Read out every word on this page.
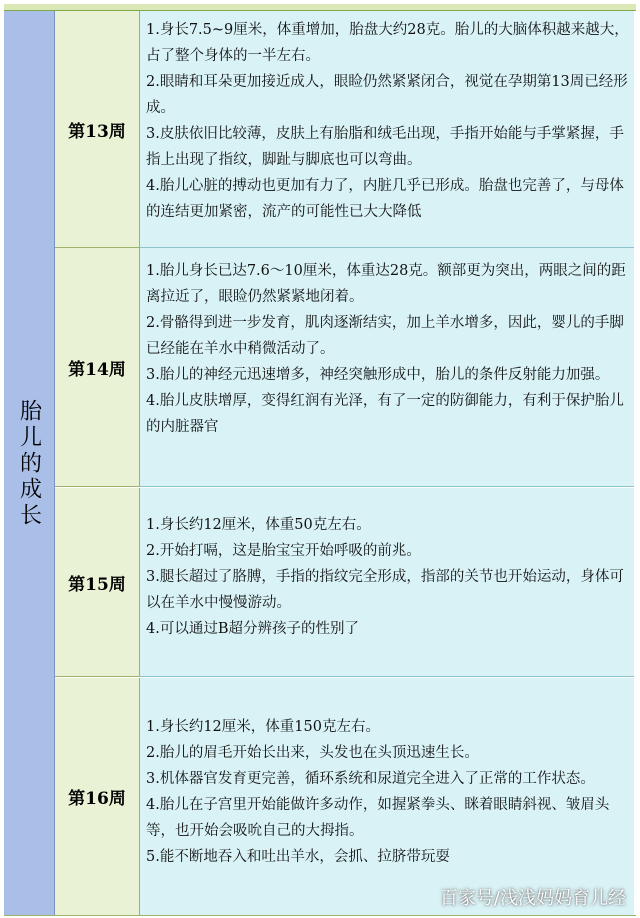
胎儿的成长
第13周
1.身长7.5~9厘米，体重增加，胎盘大约28克。胎儿的大脑体积越来越大，占了整个身体的一半左右。
2.眼睛和耳朵更加接近成人，眼睑仍然紧紧闭合，视觉在孕期第13周已经形成。
3.皮肤依旧比较薄，皮肤上有胎脂和绒毛出现，手指开始能与手掌紧握，手指上出现了指纹，脚趾与脚底也可以弯曲。
4.胎儿心脏的搏动也更加有力了，内脏几乎已形成。胎盘也完善了，与母体的连结更加紧密，流产的可能性已大大降低
第14周
1.胎儿身长已达7.6～10厘米，体重达28克。额部更为突出，两眼之间的距离拉近了，眼睑仍然紧紧地闭着。
2.骨骼得到进一步发育，肌肉逐渐结实，加上羊水增多，因此，婴儿的手脚已经能在羊水中稍微活动了。
3.胎儿的神经元迅速增多，神经突触形成中，胎儿的条件反射能力加强。
4.胎儿皮肤增厚，变得红润有光泽，有了一定的防御能力，有利于保护胎儿的内脏器官
第15周
1.身长约12厘米，体重50克左右。
2.开始打嗝，这是胎宝宝开始呼吸的前兆。
3.腿长超过了胳膊，手指的指纹完全形成，指部的关节也开始运动，身体可以在羊水中慢慢游动。
4.可以通过B超分辨孩子的性别了
第16周
1.身长约12厘米，体重150克左右。
2.胎儿的眉毛开始长出来，头发也在头顶迅速生长。
3.机体器官发育更完善，循环系统和尿道完全进入了正常的工作状态。
4.胎儿在子宫里开始能做许多动作，如握紧拳头、眯着眼睛斜视、皱眉头等，也开始会吸吮自己的大拇指。
5.能不断地吞入和吐出羊水，会抓、拉脐带玩耍
百家号/浅浅妈妈育儿经
